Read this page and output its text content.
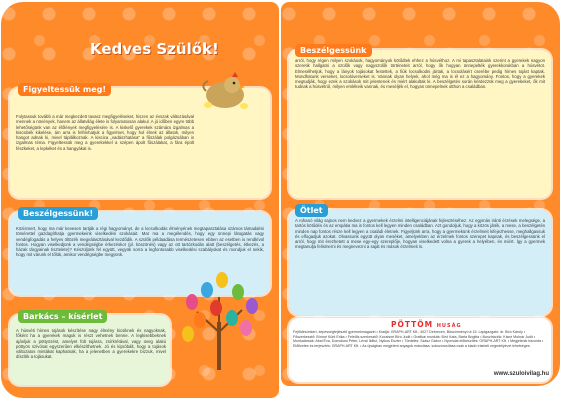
Kedves Szülők!
Figyeltessük meg!
Folytassuk tovább a már megkezdett tavasz megfigyeléseket, hiszen az évszak változásával mennek a növények, hanem az állatvilág élete is folyamatosan alakul. A jó időben egyre több lehetőségünk van az élőlények megfigyelésére is. A kiskelő gyerekek számára izgalmas a kiscsibék kikelése, ám arra is felhívhatjuk a figyelmet, hogy hol élnek az állatok, milyen hangot adnak ki, mivel táplálkoznak. A kiscica „vadászhatása" a fűszálak polgázsában is izgalmas téma. Figyeltessük meg a gyerekekkel a szépen ápolt fűszálakat, a fára épült fészkeket, a lepkéket és a hangyákat is.
Beszélgessünk!
Közismert, hogy ma már kevesen tartják a régi hagyományt, de a locsolkodás élményének megtapasztalása számos támadalmi tömérettel gazdagíthatja gyermekeink viselkedési szokásait. Mar ma a megélendés, hogy egy ünnepi látogatás vagy vendégfogadás a helyes öltözék megválasztásával kezdődik. A szülők példaadása természetesen ebben az esetben is rendkívül fontos. Hogyan viselkedjünk a vendégségbe érkezéskor (pl. köszönés) vagy az ott tartózkodás alatt (beszélgetés, étkezés, a házak tárgyainak tisztelete)? Készüljünk fel együtt, vegyük sorra a legfontosabb viselkedési szabályokat és mondjuk el nekik, hogy mit várunk el tőlük, amikor vendégségbe megyünk.
Barkács – kísérlet
A húsvéti hímes tojások készítése nagy élmény kicsiknek és nagyoknak, főként ha a gyerekek maguk is részt vehetnek benne. A legkisebbeknek ajánljuk a pöttyözést, amelyet fült tojásra, zsírkrétával, vagy üveg alakú pöttyös szívósat egyszerűen elkészíthetnek. Jó és kipróbált, hogy a tojások változatos mintákat kaphatnak, ha a jelenetben a gyerekekre bízzuk, mivel díszítik a tojásukat.
Beszélgessünk
arról, hogy régen milyen szokások, hagyományok kötődtek ehhez a húsvéthoz. A mi tapasztalataink szerint a gyerekek nagyon szeretik hallgatni a szülők vagy nagyszülők történeteit arról, hogy ők hogyan ünnepelték gyerekkorukban a húsvétot. Elmesélhetjük, hogy a lányok tojásokat festettek, a fiúk locsolkodni jártak, a locsolásért cserébe pedig hímes tojást kaptak. Mondhatunk verseket, locsolóverseket is. Vannak olyan helyek, ahol még ma is él ez a hagyomány. Fontos, hogy a gyerekek megtudják, hogy ezek a szokások mit jelentenek és miért alakultak ki. A beszélgetés során kérdezzük meg a gyerekeket, ők mit tudnak a húsvétról, milyen emlékeik vannak, és meséljék el, hogyan ünnepelnek otthon a családban.
Ötlet
A rohanó világ sajnos nem kedvez a gyermekek érzelmi intelligenciájának fejlesztéséhez. Az egymás iránti érzések melegsége, a tartós kötődés és az empátia ma is fontos kell legyen minden családban. Azt gondoljuk, hogy a közös játék, a mese, a beszélgetés minden nap fontos része kell legyen a családi életnek. Figyeljünk arra, hogy a gyermekünk érzelmeit kifejezhesse, meghallgassuk és elfogadjuk azokat. Olvassunk együtt olyan meséket, amelyekben az érzelmek fontos szerepet kapnak, és beszélgessünk el arról, hogy mit érezhetett a mese egy-egy szereplője, hogyan viselkedett volna a gyerek a helyében, és miért. Így a gyermek megtanulja felismerni és megnevezni a saját és mások érzelmeit is.
PÖTTÖM HUSÁG
Fejlődésünkért, képességfejlesztő gyermekmagazin • Kiadja: GRAPH-ART Kft., 4027 Debrecen, Böszörményi út 15. Lapigazgató: dr. Bíró Károly • Főszerkesztő: Bíróné Kürti Erika • Felelős szerkesztő: Kocsisné Bíró Judit • Grafikai munkák: Bíró Kata, Barta Brigitta • Illusztrációk: Kisné Molnár Judit • Munkatársak: Abai Éva, Domokosi Péter, Lévai Ildikó, Nyikos Eszter • Tördelés: Szász Gábor • Nyomdai előkészítés: GRAPH-ART Kft. • Megjelenik havonta • Előfizetés és terjesztés: GRAPH-ART Kft. • Az újságban megjelent anyagok másolása, sokszorosítása csak a kiadó írásbeli engedélyével lehetséges.
www.szuloivilag.hu
